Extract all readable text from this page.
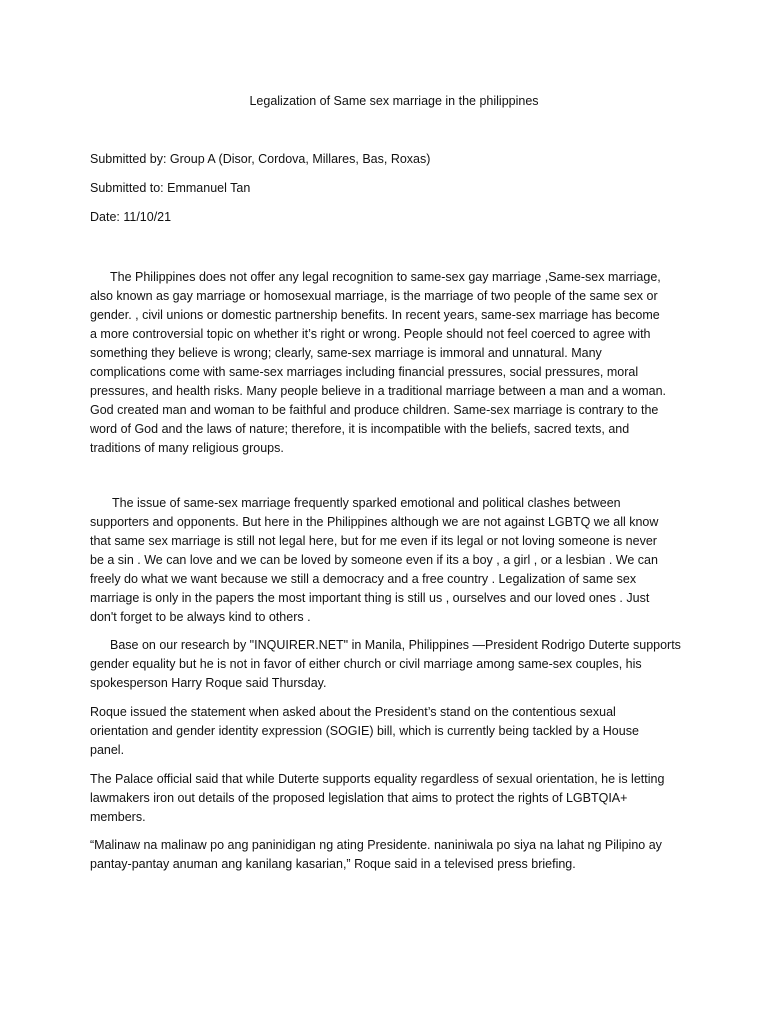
Legalization of Same sex marriage in the philippines
Submitted by: Group A (Disor, Cordova, Millares, Bas, Roxas)
Submitted to: Emmanuel Tan
Date: 11/10/21

The Philippines does not offer any legal recognition to same-sex gay marriage ,Same-sex marriage,
also known as gay marriage or homosexual marriage, is the marriage of two people of the same sex or
gender. , civil unions or domestic partnership benefits. In recent years, same-sex marriage has become
a more controversial topic on whether it’s right or wrong. People should not feel coerced to agree with
something they believe is wrong; clearly, same-sex marriage is immoral and unnatural. Many
complications come with same-sex marriages including financial pressures, social pressures, moral
pressures, and health risks. Many people believe in a traditional marriage between a man and a woman.
God created man and woman to be faithful and produce children. Same-sex marriage is contrary to the
word of God and the laws of nature; therefore, it is incompatible with the beliefs, sacred texts, and
traditions of many religious groups.

The issue of same-sex marriage frequently sparked emotional and political clashes between
supporters and opponents. But here in the Philippines although we are not against LGBTQ we all know
that same sex marriage is still not legal here, but for me even if its legal or not loving someone is never
be a sin . We can love and we can be loved by someone even if its a boy , a girl , or a lesbian . We can
freely do what we want because we still a democracy and a free country . Legalization of same sex
marriage is only in the papers the most important thing is still us , ourselves and our loved ones . Just
don't forget to be always kind to others .

Base on our research by "INQUIRER.NET" in Manila, Philippines —President Rodrigo Duterte supports
gender equality but he is not in favor of either church or civil marriage among same-sex couples, his
spokesperson Harry Roque said Thursday.

Roque issued the statement when asked about the President’s stand on the contentious sexual
orientation and gender identity expression (SOGIE) bill, which is currently being tackled by a House
panel.

The Palace official said that while Duterte supports equality regardless of sexual orientation, he is letting
lawmakers iron out details of the proposed legislation that aims to protect the rights of LGBTQIA+
members.

“Malinaw na malinaw po ang paninidigan ng ating Presidente. naniniwala po siya na lahat ng Pilipino ay
pantay-pantay anuman ang kanilang kasarian,” Roque said in a televised press briefing.
